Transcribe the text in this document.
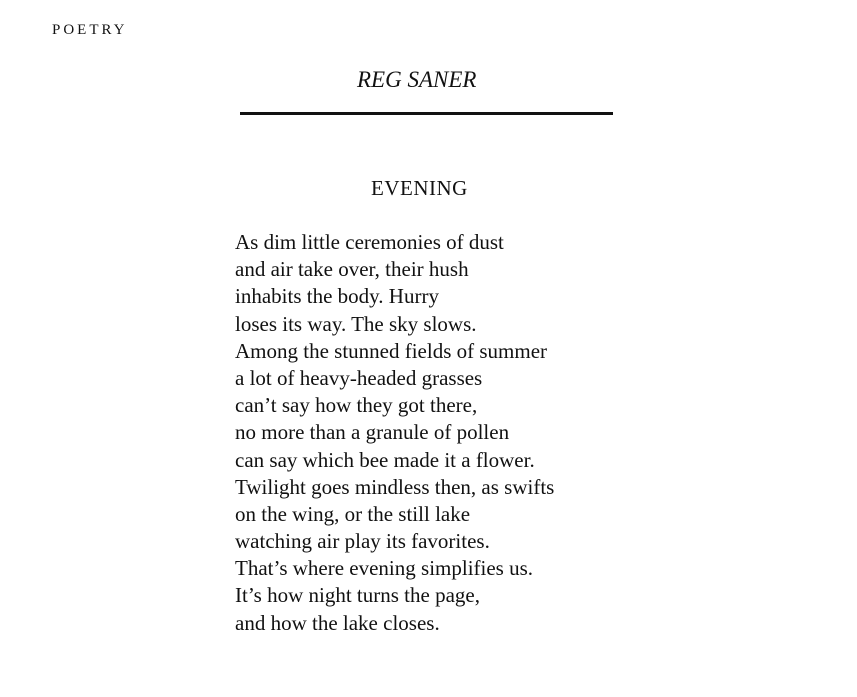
POETRY
REG SANER
EVENING
As dim little ceremonies of dust
and air take over, their hush
inhabits the body. Hurry
loses its way. The sky slows.
Among the stunned fields of summer
a lot of heavy-headed grasses
can’t say how they got there,
no more than a granule of pollen
can say which bee made it a flower.
Twilight goes mindless then, as swifts
on the wing, or the still lake
watching air play its favorites.
That’s where evening simplifies us.
It’s how night turns the page,
and how the lake closes.
